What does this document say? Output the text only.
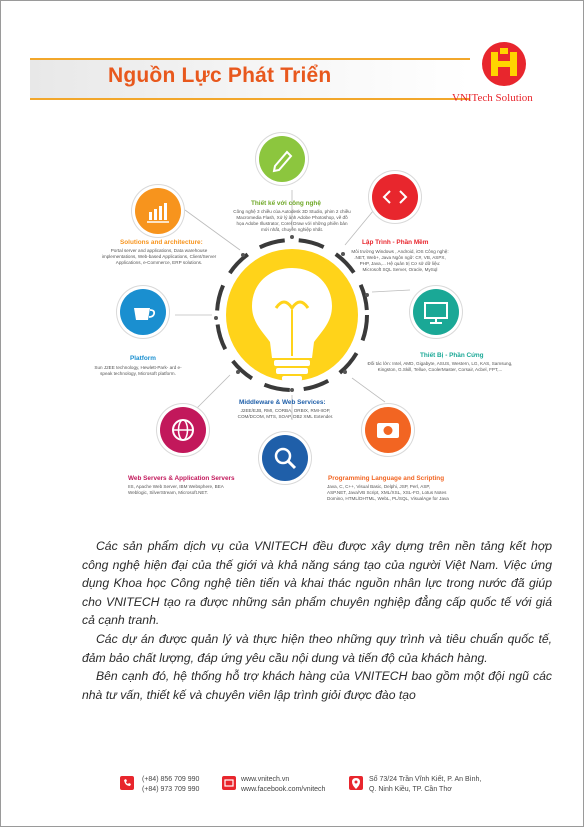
Nguồn Lực Phát Triển
VNITech Solution
Thiết kế với công nghệ
Công nghệ 3 chiều của Autodesk 3D Studio, phim 2 chiều Macromedia Flash, Xử lý ảnh Adobe Photoshop, vẽ đồ họa Adobe Illustrator, Corel Draw với những phiên bản mới nhất, chuyên nghiệp nhất.
Lập Trình - Phần Mềm
Môi trường Windows , Android, iOS Công nghệ: .NET, Web+, Java Ngôn ngữ: C#, VB, ASPX, PHP, Java,... Hệ quản trị Cơ sở dữ liệu: Microsoft SQL Server, Oracle, MySql
Thiết Bị - Phần Cứng
Đối tác lớn: Intel, AMD, Gigabyte, ASUS, Western, LG, KAS, Samsung, Kingston, G.Skill, Tellue, CoolerMaster, Corsair, Acbel, FPT,...
Programming Language and Scripting
Java, C, C++, Visual Basic, Delphi, JSP, Perl, ASP, ASP.NET, Java/VB Script, XML/XSL, XSL-FO, Lotus Notes Domino, HTML/DHTML, WebL, PL/SQL, VisualAge for Java
Middleware & Web Services:
J2EE/EJB, RMI, CORBA, ORBIX, RMI-IIOP, COM/DCOM, MTS, SOAP, DB2 XML Extender.
Web Servers & Application Servers
IIS, Apache Web Server, IBM Websphere, BEA Weblogic, SilverStream, Microsoft.NET.
Platform
Sun J2EE technology, Hewlett-Park- ard e-speak technology, Microsoft platform.
Solutions and architecture:
Portal server and applications, Data warehouse implementations, Web-based Applications, Client/Server Applications, e-Commerce, ERP solutions.

Các sản phẩm dịch vụ của VNITECH đều được xây dựng trên nền tảng kết hợp công nghệ hiện đại của thế giới và khả năng sáng tạo của người Việt Nam. Việc ứng dụng Khoa học Công nghệ tiên tiến và khai thác nguồn nhân lực trong nước đã giúp cho VNITECH tạo ra được những sản phẩm chuyên nghiệp đẳng cấp quốc tế với giá cả cạnh tranh.

Các dự án được quản lý và thực hiện theo những quy trình và tiêu chuẩn quốc tế, đảm bảo chất lượng, đáp ứng yêu cầu nội dung và tiến độ của khách hàng.

Bên cạnh đó, hệ thống hỗ trợ khách hàng của VNITECH bao gồm một đội ngũ các nhà tư vấn, thiết kế và chuyên viên lập trình giỏi được đào tạo

(+84) 856 709 990
(+84) 973 709 990
www.vnitech.vn
www.facebook.com/vnitech
Số 73/24 Trần Vĩnh Kiết, P. An Bình,
Q. Ninh Kiều, TP. Cần Thơ
